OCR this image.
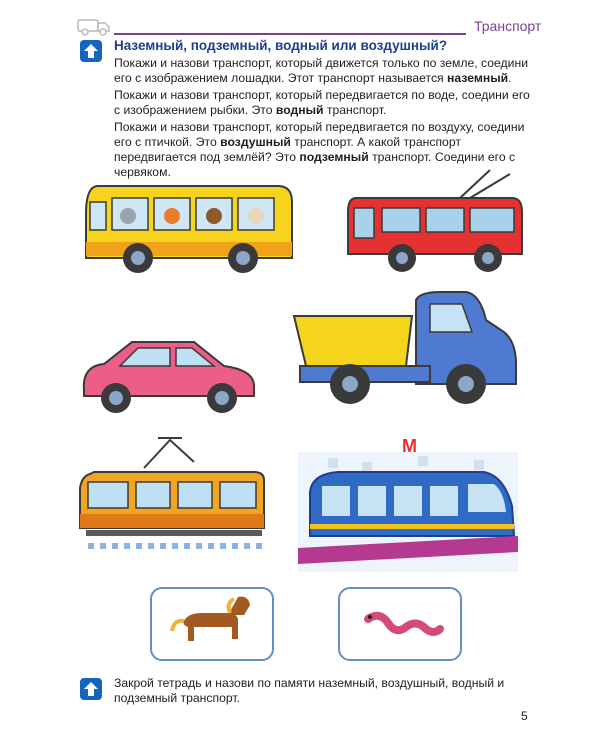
Транспорт
Наземный, подземный, водный или воздушный?

Покажи и назови транспорт, который движется только по земле, соедини его с изображением лошадки. Этот транспорт называется наземный.

Покажи и назови транспорт, который передвигается по воде, соедини его с изображением рыбки. Это водный транспорт.

Покажи и назови транспорт, который передвигается по воздуху, соедини его с птичкой. Это воздушный транспорт. А какой транспорт передвигается под землёй? Это подземный транспорт. Соедини его с червяком.

М

Закрой тетрадь и назови по памяти наземный, воздушный, водный и подземный транспорт.

5
